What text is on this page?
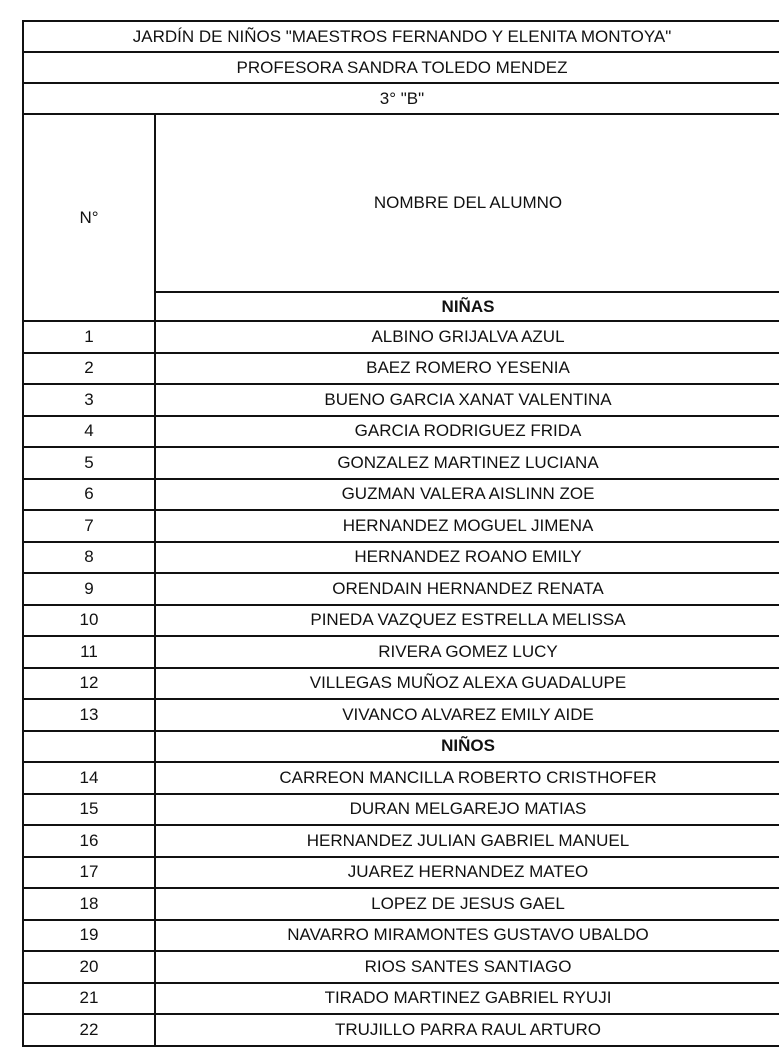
JARDÍN DE NIÑOS "MAESTROS FERNANDO Y ELENITA MONTOYA"
PROFESORA SANDRA TOLEDO MENDEZ
3° "B"
N°
NOMBRE DEL ALUMNO
NIÑAS
1	ALBINO GRIJALVA AZUL
2	BAEZ ROMERO YESENIA
3	BUENO GARCIA XANAT VALENTINA
4	GARCIA RODRIGUEZ FRIDA
5	GONZALEZ MARTINEZ LUCIANA
6	GUZMAN VALERA AISLINN ZOE
7	HERNANDEZ MOGUEL JIMENA
8	HERNANDEZ ROANO EMILY
9	ORENDAIN HERNANDEZ RENATA
10	PINEDA VAZQUEZ ESTRELLA MELISSA
11	RIVERA GOMEZ LUCY
12	VILLEGAS MUÑOZ ALEXA GUADALUPE
13	VIVANCO ALVAREZ EMILY AIDE
NIÑOS
14	CARREON MANCILLA ROBERTO CRISTHOFER
15	DURAN MELGAREJO MATIAS
16	HERNANDEZ JULIAN GABRIEL MANUEL
17	JUAREZ HERNANDEZ MATEO
18	LOPEZ DE JESUS GAEL
19	NAVARRO MIRAMONTES GUSTAVO UBALDO
20	RIOS SANTES SANTIAGO
21	TIRADO MARTINEZ GABRIEL RYUJI
22	TRUJILLO PARRA RAUL ARTURO
